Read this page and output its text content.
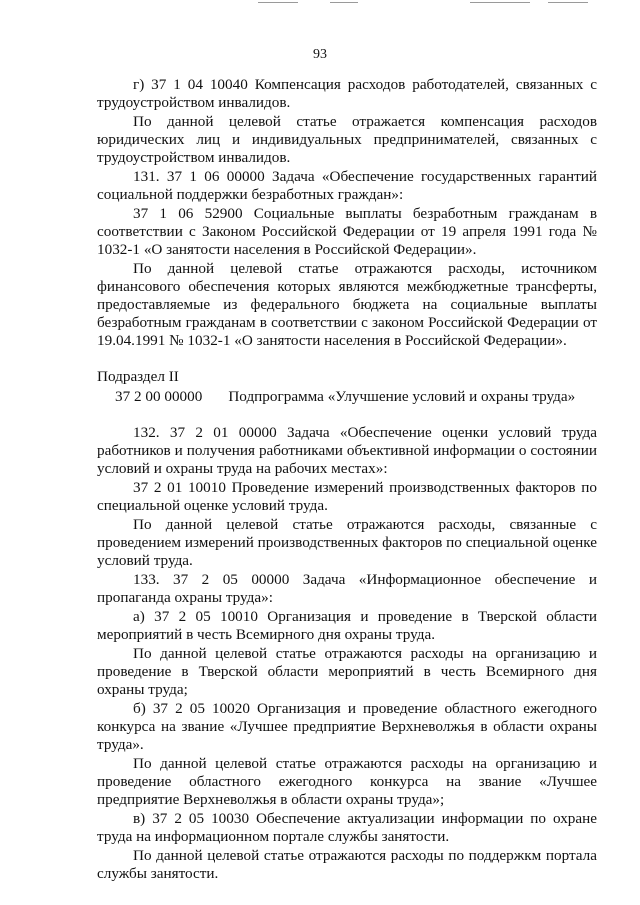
93

г) 37 1 04 10040 Компенсация расходов работодателей, связанных с трудоустройством инвалидов.

По данной целевой статье отражается компенсация расходов юридических лиц и индивидуальных предпринимателей, связанных с трудоустройством инвалидов.

131. 37 1 06 00000 Задача «Обеспечение государственных гарантий социальной поддержки безработных граждан»:

37 1 06 52900 Социальные выплаты безработным гражданам в соответствии с Законом Российской Федерации от 19 апреля 1991 года № 1032-1 «О занятости населения в Российской Федерации».

По данной целевой статье отражаются расходы, источником финансового обеспечения которых являются межбюджетные трансферты, предоставляемые из федерального бюджета на социальные выплаты безработным гражданам в соответствии с законом Российской Федерации от 19.04.1991 № 1032-1 «О занятости населения в Российской Федерации».

Подраздел II

37 2 00 00000 Подпрограмма «Улучшение условий и охраны труда»

132. 37 2 01 00000 Задача «Обеспечение оценки условий труда работников и получения работниками объективной информации о состоянии условий и охраны труда на рабочих местах»:

37 2 01 10010 Проведение измерений производственных факторов по специальной оценке условий труда.

По данной целевой статье отражаются расходы, связанные с проведением измерений производственных факторов по специальной оценке условий труда.

133. 37 2 05 00000 Задача «Информационное обеспечение и пропаганда охраны труда»:

а) 37 2 05 10010 Организация и проведение в Тверской области мероприятий в честь Всемирного дня охраны труда.

По данной целевой статье отражаются расходы на организацию и проведение в Тверской области мероприятий в честь Всемирного дня охраны труда;

б) 37 2 05 10020 Организация и проведение областного ежегодного конкурса на звание «Лучшее предприятие Верхневолжья в области охраны труда».

По данной целевой статье отражаются расходы на организацию и проведение областного ежегодного конкурса на звание «Лучшее предприятие Верхневолжья в области охраны труда»;

в) 37 2 05 10030 Обеспечение актуализации информации по охране труда на информационном портале службы занятости.

По данной целевой статье отражаются расходы по поддержкм портала службы занятости.
